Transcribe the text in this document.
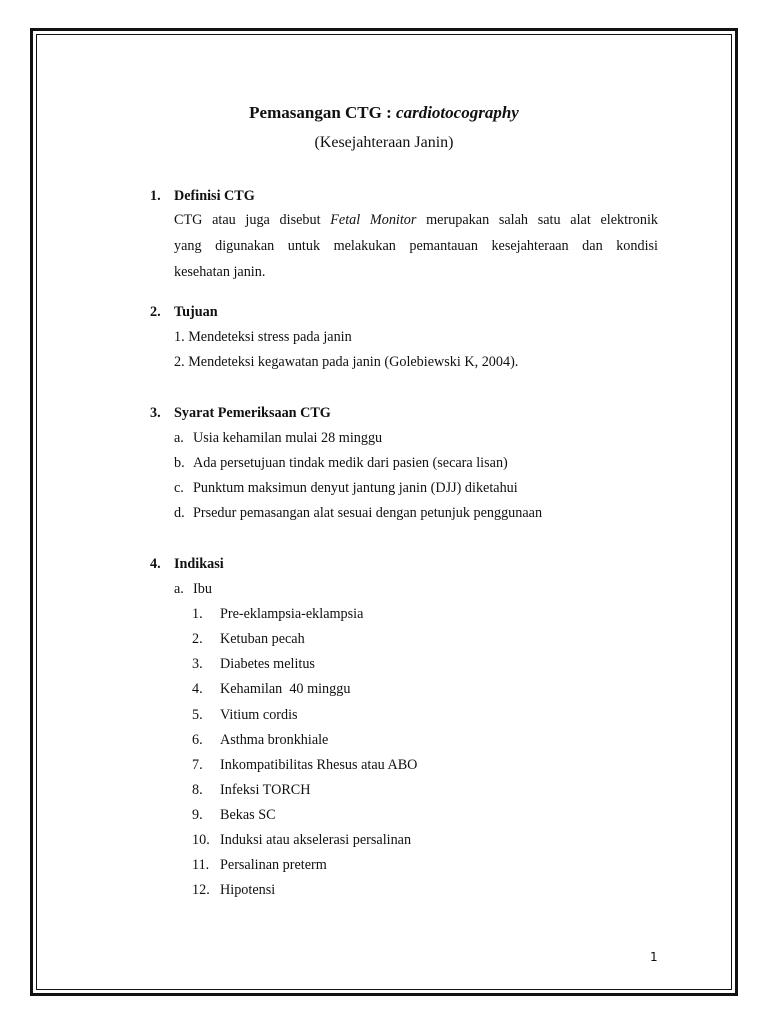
Pemasangan CTG : cardiotocography
(Kesejahteraan Janin)
1. Definisi CTG
CTG atau juga disebut Fetal Monitor merupakan salah satu alat elektronik
yang digunakan untuk melakukan pemantauan kesejahteraan dan kondisi
kesehatan janin.
2. Tujuan
1. Mendeteksi stress pada janin
2. Mendeteksi kegawatan pada janin (Golebiewski K, 2004).
3. Syarat Pemeriksaan CTG
a. Usia kehamilan mulai 28 minggu
b. Ada persetujuan tindak medik dari pasien (secara lisan)
c. Punktum maksimun denyut jantung janin (DJJ) diketahui
d. Prsedur pemasangan alat sesuai dengan petunjuk penggunaan
4. Indikasi
a. Ibu
1. Pre-eklampsia-eklampsia
2. Ketuban pecah
3. Diabetes melitus
4. Kehamilan  40 minggu
5. Vitium cordis
6. Asthma bronkhiale
7. Inkompatibilitas Rhesus atau ABO
8. Infeksi TORCH
9. Bekas SC
10. Induksi atau akselerasi persalinan
11. Persalinan preterm
12. Hipotensi
1
